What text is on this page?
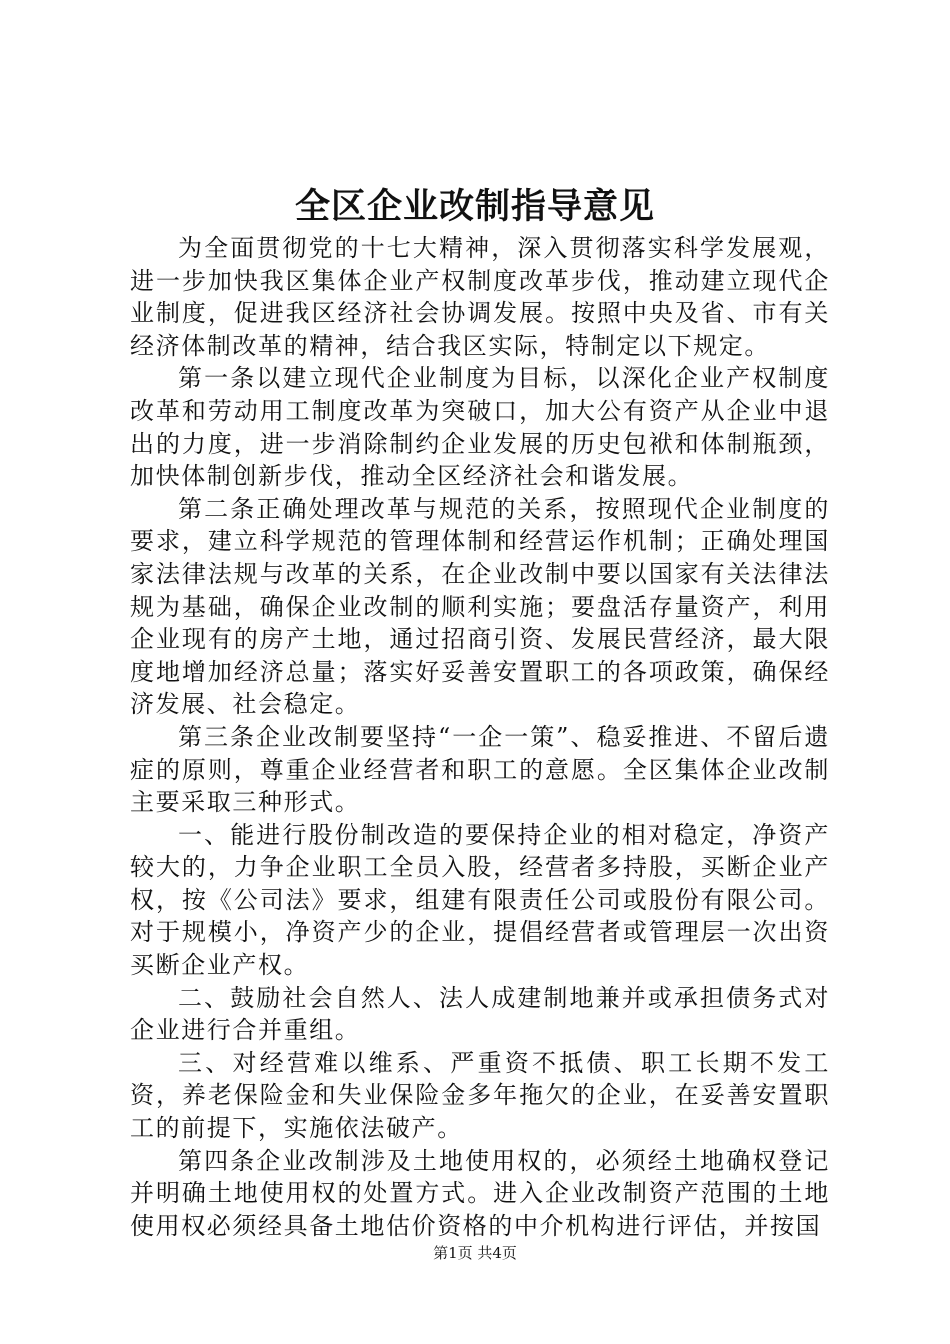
全区企业改制指导意见

为全面贯彻党的十七大精神，深入贯彻落实科学发展观，进一步加快我区集体企业产权制度改革步伐，推动建立现代企业制度，促进我区经济社会协调发展。按照中央及省、市有关经济体制改革的精神，结合我区实际，特制定以下规定。

第一条以建立现代企业制度为目标，以深化企业产权制度改革和劳动用工制度改革为突破口，加大公有资产从企业中退出的力度，进一步消除制约企业发展的历史包袱和体制瓶颈，加快体制创新步伐，推动全区经济社会和谐发展。

第二条正确处理改革与规范的关系，按照现代企业制度的要求，建立科学规范的管理体制和经营运作机制；正确处理国家法律法规与改革的关系，在企业改制中要以国家有关法律法规为基础，确保企业改制的顺利实施；要盘活存量资产，利用企业现有的房产土地，通过招商引资、发展民营经济，最大限度地增加经济总量；落实好妥善安置职工的各项政策，确保经济发展、社会稳定。

第三条企业改制要坚持“一企一策”、稳妥推进、不留后遗症的原则，尊重企业经营者和职工的意愿。全区集体企业改制主要采取三种形式。

一、能进行股份制改造的要保持企业的相对稳定，净资产较大的，力争企业职工全员入股，经营者多持股，买断企业产权，按《公司法》要求，组建有限责任公司或股份有限公司。对于规模小，净资产少的企业，提倡经营者或管理层一次出资买断企业产权。

二、鼓励社会自然人、法人成建制地兼并或承担债务式对企业进行合并重组。

三、对经营难以维系、严重资不抵债、职工长期不发工资，养老保险金和失业保险金多年拖欠的企业，在妥善安置职工的前提下，实施依法破产。

第四条企业改制涉及土地使用权的，必须经土地确权登记并明确土地使用权的处置方式。进入企业改制资产范围的土地使用权必须经具备土地估价资格的中介机构进行评估，并按国

第1页 共4页
